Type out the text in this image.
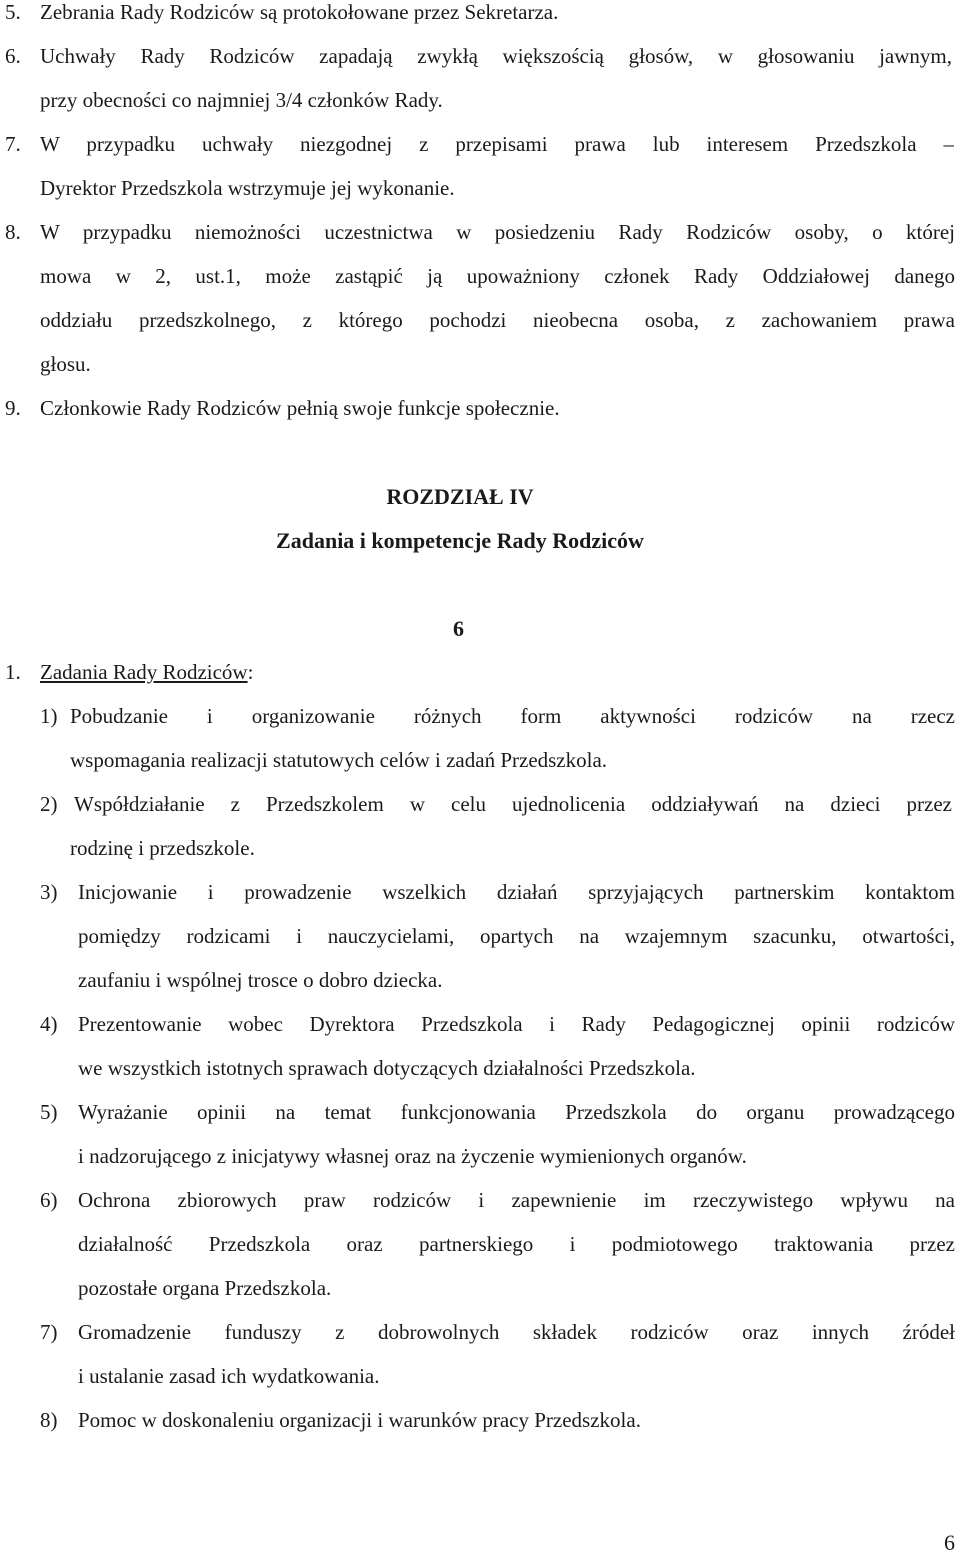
5. Zebrania Rady Rodziców są protokołowane przez Sekretarza.
6. Uchwały Rady Rodziców zapadają zwykłą większością głosów, w głosowaniu jawnym,
przy obecności co najmniej 3/4 członków Rady.
7. W przypadku uchwały niezgodnej z przepisami prawa lub interesem Przedszkola –
Dyrektor Przedszkola wstrzymuje jej wykonanie.
8. W przypadku niemożności uczestnictwa w posiedzeniu Rady Rodziców osoby, o której
mowa w 2, ust.1, może zastąpić ją upoważniony członek Rady Oddziałowej danego
oddziału przedszkolnego, z którego pochodzi nieobecna osoba, z zachowaniem prawa
głosu.
9. Członkowie Rady Rodziców pełnią swoje funkcje społecznie.
ROZDZIAŁ IV
Zadania i kompetencje Rady Rodziców
6
1. Zadania Rady Rodziców:
1) Pobudzanie i organizowanie różnych form aktywności rodziców na rzecz
wspomagania realizacji statutowych celów i zadań Przedszkola.
2) Współdziałanie z Przedszkolem w celu ujednolicenia oddziaływań na dzieci przez
rodzinę i przedszkole.
3) Inicjowanie i prowadzenie wszelkich działań sprzyjających partnerskim kontaktom
pomiędzy rodzicami i nauczycielami, opartych na wzajemnym szacunku, otwartości,
zaufaniu i wspólnej trosce o dobro dziecka.
4) Prezentowanie wobec Dyrektora Przedszkola i Rady Pedagogicznej opinii rodziców
we wszystkich istotnych sprawach dotyczących działalności Przedszkola.
5) Wyrażanie opinii na temat funkcjonowania Przedszkola do organu prowadzącego
i nadzorującego z inicjatywy własnej oraz na życzenie wymienionych organów.
6) Ochrona zbiorowych praw rodziców i zapewnienie im rzeczywistego wpływu na
działalność Przedszkola oraz partnerskiego i podmiotowego traktowania przez
pozostałe organa Przedszkola.
7) Gromadzenie funduszy z dobrowolnych składek rodziców oraz innych źródeł
i ustalanie zasad ich wydatkowania.
8) Pomoc w doskonaleniu organizacji i warunków pracy Przedszkola.
6
